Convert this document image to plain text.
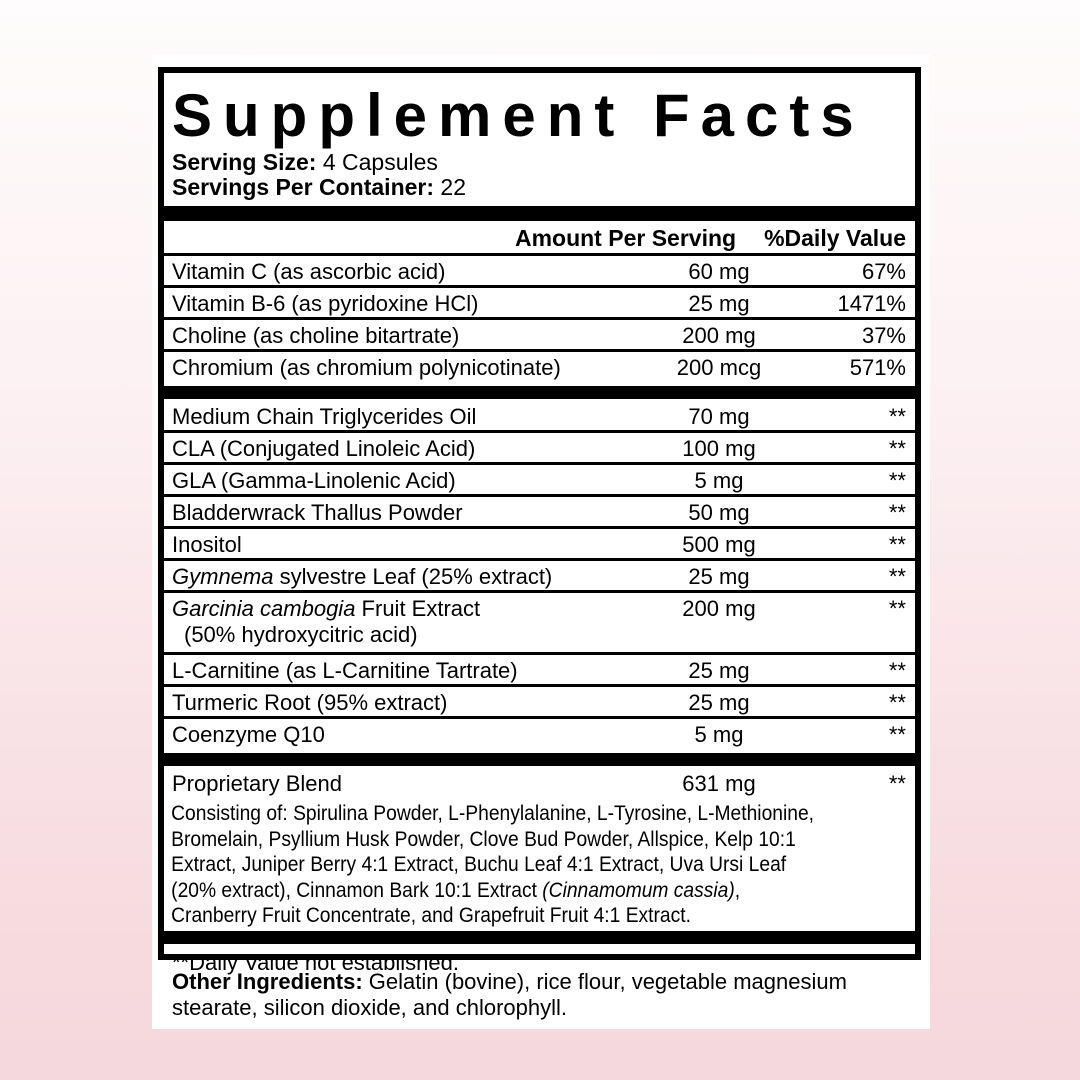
Supplement Facts
Serving Size: 4 Capsules
Servings Per Container: 22
Amount Per Serving %Daily Value
Vitamin C (as ascorbic acid)	60 mg	67%
Vitamin B-6 (as pyridoxine HCl)	25 mg	1471%
Choline (as choline bitartrate)	200 mg	37%
Chromium (as chromium polynicotinate)	200 mcg	571%
Medium Chain Triglycerides Oil	70 mg	**
CLA (Conjugated Linoleic Acid)	100 mg	**
GLA (Gamma-Linolenic Acid)	5 mg	**
Bladderwrack Thallus Powder	50 mg	**
Inositol	500 mg	**
Gymnema sylvestre Leaf (25% extract)	25 mg	**
Garcinia cambogia Fruit Extract
(50% hydroxycitric acid)
200 mg	**
L-Carnitine (as L-Carnitine Tartrate)	25 mg	**
Turmeric Root (95% extract)	25 mg	**
Coenzyme Q10	5 mg	**
Proprietary Blend	631 mg	**
Consisting of: Spirulina Powder, L-Phenylalanine, L-Tyrosine, L-Methionine,
Bromelain, Psyllium Husk Powder, Clove Bud Powder, Allspice, Kelp 10:1
Extract, Juniper Berry 4:1 Extract, Buchu Leaf 4:1 Extract, Uva Ursi Leaf
(20% extract), Cinnamon Bark 10:1 Extract (Cinnamomum cassia),
Cranberry Fruit Concentrate, and Grapefruit Fruit 4:1 Extract.
**Daily Value not established.
Other Ingredients: Gelatin (bovine), rice flour, vegetable magnesium stearate, silicon dioxide, and chlorophyll.
